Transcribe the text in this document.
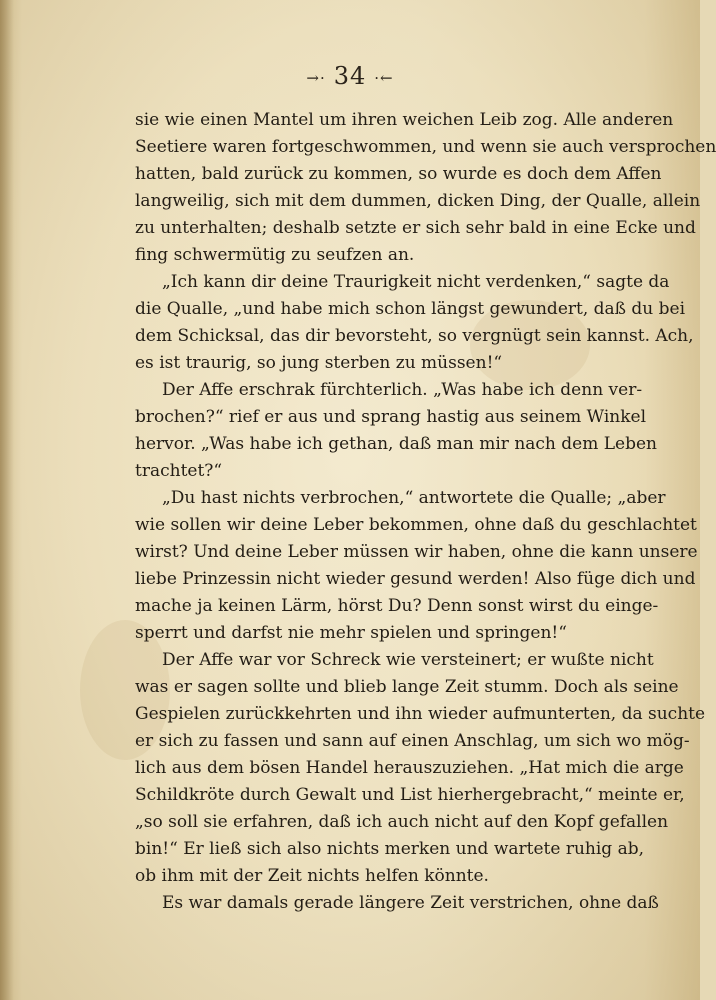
→· 34 ·←
sie wie einen Mantel um ihren weichen Leib zog. Alle anderen
Seetiere waren fortgeschwommen, und wenn sie auch versprochen
hatten, bald zurück zu kommen, so wurde es doch dem Affen
langweilig, sich mit dem dummen, dicken Ding, der Qualle, allein
zu unterhalten; deshalb setzte er sich sehr bald in eine Ecke und
fing schwermütig zu seufzen an.
„Ich kann dir deine Traurigkeit nicht verdenken,“ sagte da
die Qualle, „und habe mich schon längst gewundert, daß du bei
dem Schicksal, das dir bevorsteht, so vergnügt sein kannst. Ach,
es ist traurig, so jung sterben zu müssen!“
Der Affe erschrak fürchterlich. „Was habe ich denn ver-
brochen?“ rief er aus und sprang hastig aus seinem Winkel
hervor. „Was habe ich gethan, daß man mir nach dem Leben
trachtet?“
„Du hast nichts verbrochen,“ antwortete die Qualle; „aber
wie sollen wir deine Leber bekommen, ohne daß du geschlachtet
wirst? Und deine Leber müssen wir haben, ohne die kann unsere
liebe Prinzessin nicht wieder gesund werden! Also füge dich und
mache ja keinen Lärm, hörst Du? Denn sonst wirst du einge-
sperrt und darfst nie mehr spielen und springen!“
Der Affe war vor Schreck wie versteinert; er wußte nicht
was er sagen sollte und blieb lange Zeit stumm. Doch als seine
Gespielen zurückkehrten und ihn wieder aufmunterten, da suchte
er sich zu fassen und sann auf einen Anschlag, um sich wo mög-
lich aus dem bösen Handel herauszuziehen. „Hat mich die arge
Schildkröte durch Gewalt und List hierhergebracht,“ meinte er,
„so soll sie erfahren, daß ich auch nicht auf den Kopf gefallen
bin!“ Er ließ sich also nichts merken und wartete ruhig ab,
ob ihm mit der Zeit nichts helfen könnte.
Es war damals gerade längere Zeit verstrichen, ohne daß
